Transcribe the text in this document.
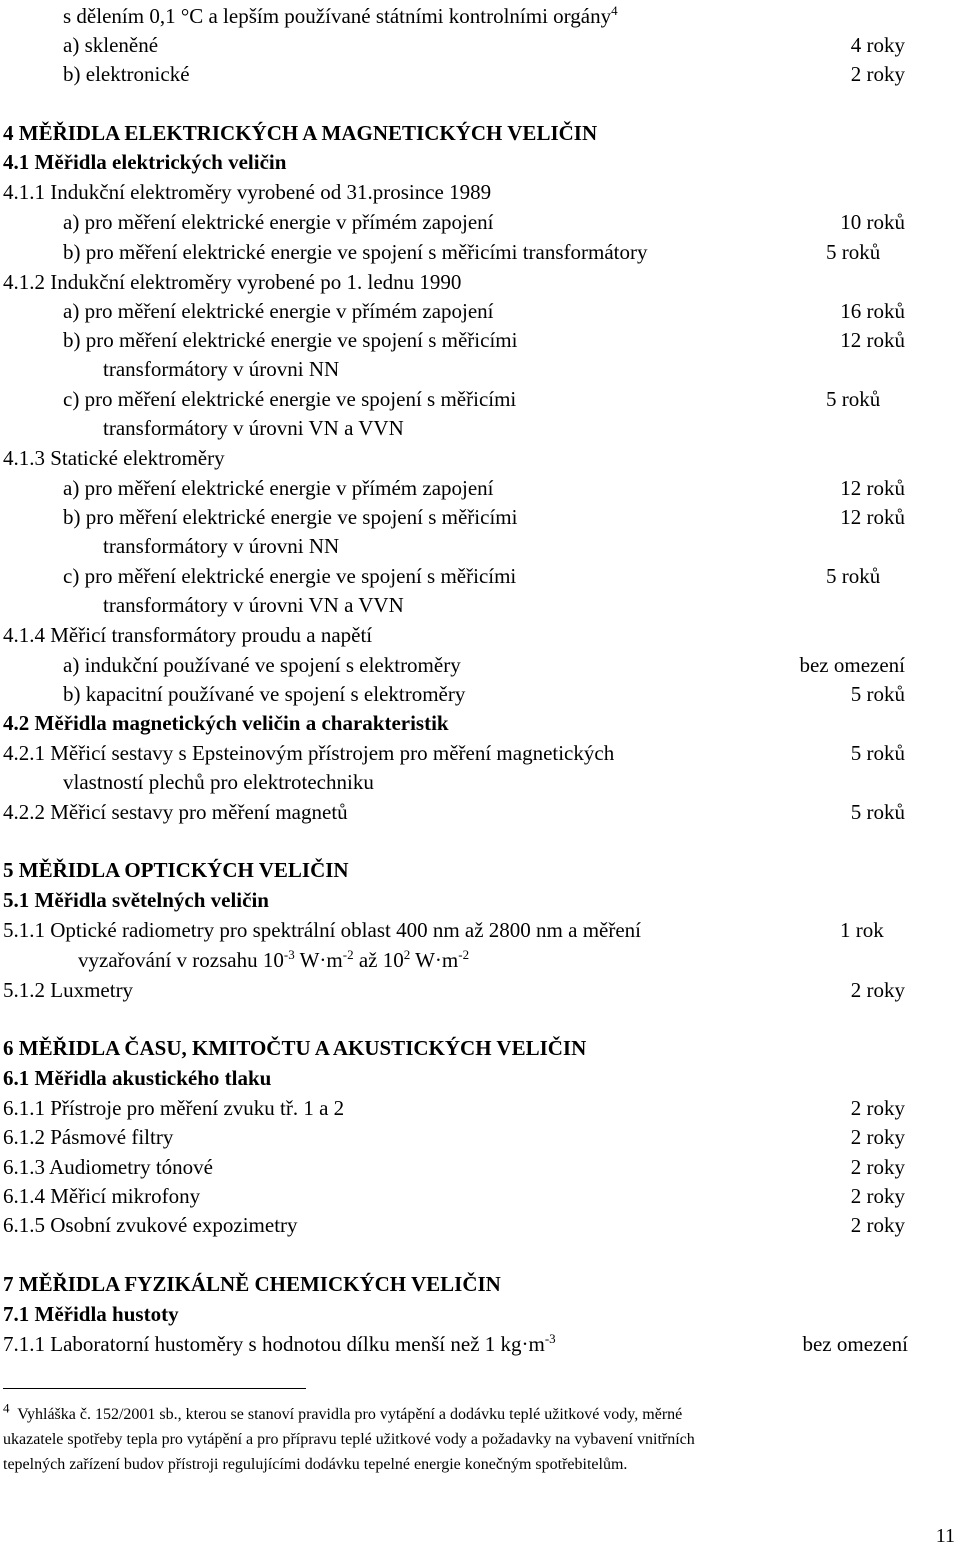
s dělením 0,1 °C a lepším používané státními kontrolními orgány$^4$
a) skleněné	4 roky
b) elektronické	2 roky
4 MĚŘIDLA ELEKTRICKÝCH A MAGNETICKÝCH VELIČIN
4.1 Měřidla elektrických veličin
4.1.1 Indukční elektroměry vyrobené od 31.prosince 1989
a) pro měření elektrické energie v přímém zapojení	10 roků
b) pro měření elektrické energie ve spojení s měřicími transformátory	5 roků
4.1.2 Indukční elektroměry vyrobené po 1. lednu 1990
a) pro měření elektrické energie v přímém zapojení	16 roků
b) pro měření elektrické energie ve spojení s měřicími	12 roků
transformátory v úrovni NN
c) pro měření elektrické energie ve spojení s měřicími	5 roků
transformátory v úrovni VN a VVN
4.1.3 Statické elektroměry
a) pro měření elektrické energie v přímém zapojení	12 roků
b) pro měření elektrické energie ve spojení s měřicími	12 roků
transformátory v úrovni NN
c) pro měření elektrické energie ve spojení s měřicími	5 roků
transformátory v úrovni VN a VVN
4.1.4 Měřicí transformátory proudu a napětí
a) indukční používané ve spojení s elektroměry	bez omezení
b) kapacitní používané ve spojení s elektroměry	5 roků
4.2 Měřidla magnetických veličin a charakteristik
4.2.1 Měřicí sestavy s Epsteinovým přístrojem pro měření magnetických	5 roků
vlastností plechů pro elektrotechniku
4.2.2 Měřicí sestavy pro měření magnetů	5 roků
5 MĚŘIDLA OPTICKÝCH VELIČIN
5.1 Měřidla světelných veličin
5.1.1 Optické radiometry pro spektrální oblast 400 nm až 2800 nm a měření	1 rok
vyzařování v rozsahu $10^{-3}$ $W\cdot m^{-2}$ až $10^2$ $W\cdot m^{-2}$
5.1.2 Luxmetry	2 roky
6 MĚŘIDLA ČASU, KMITOČTU A AKUSTICKÝCH VELIČIN
6.1 Měřidla akustického tlaku
6.1.1 Přístroje pro měření zvuku tř. 1 a 2	2 roky
6.1.2 Pásmové filtry	2 roky
6.1.3 Audiometry tónové	2 roky
6.1.4 Měřicí mikrofony	2 roky
6.1.5 Osobní zvukové expozimetry	2 roky
7 MĚŘIDLA FYZIKÁLNĚ CHEMICKÝCH VELIČIN
7.1 Měřidla hustoty
7.1.1 Laboratorní hustoměry s hodnotou dílku menší než 1 $kg\cdot m^{-3}$	bez omezení
$^4$ Vyhláška č. 152/2001 sb., kterou se stanoví pravidla pro vytápění a dodávku teplé užitkové vody, měrné
ukazatele spotřeby tepla pro vytápění a pro přípravu teplé užitkové vody a požadavky na vybavení vnitřních
tepelných zařízení budov přístroji regulujícími dodávku tepelné energie konečným spotřebitelům.
11
